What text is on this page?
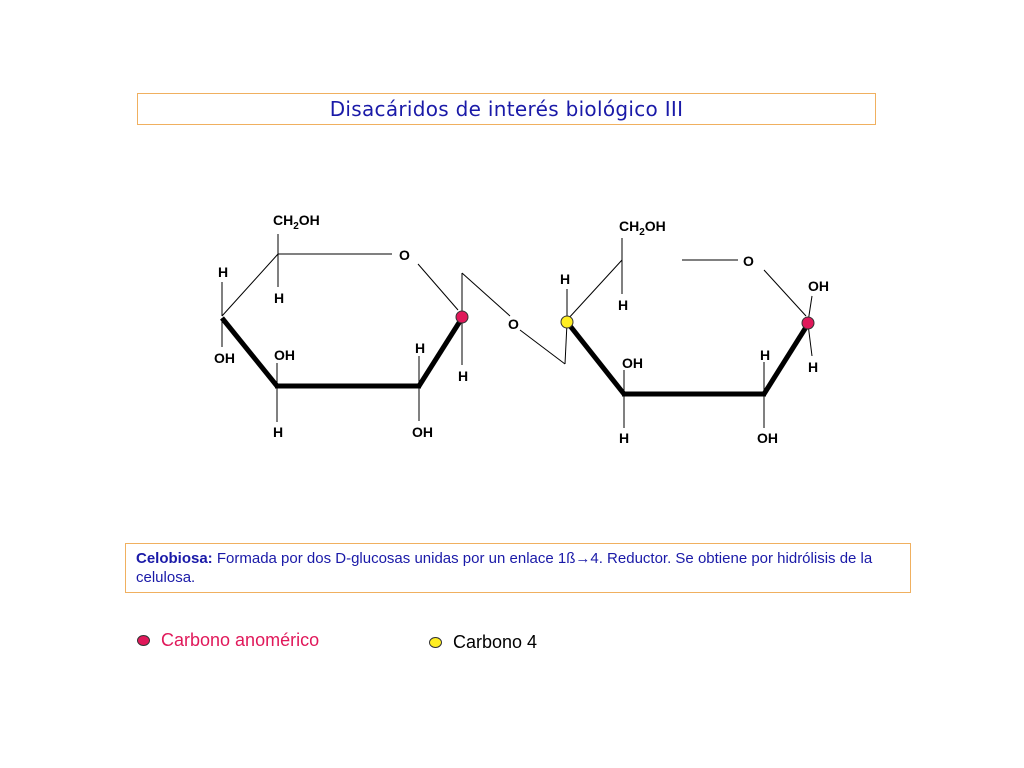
Disacáridos de interés biológico III
$CH_2OH$
O
H
H
OH	OH	H
H
H	OH
O
$CH_2OH$
O
H
H
OH
OH	H
H
H	OH
Celobiosa: Formada por dos D-glucosas unidas por un enlace 1ß→4. Reductor. Se obtiene por hidrólisis de la celulosa.
Carbono anomérico	Carbono 4
